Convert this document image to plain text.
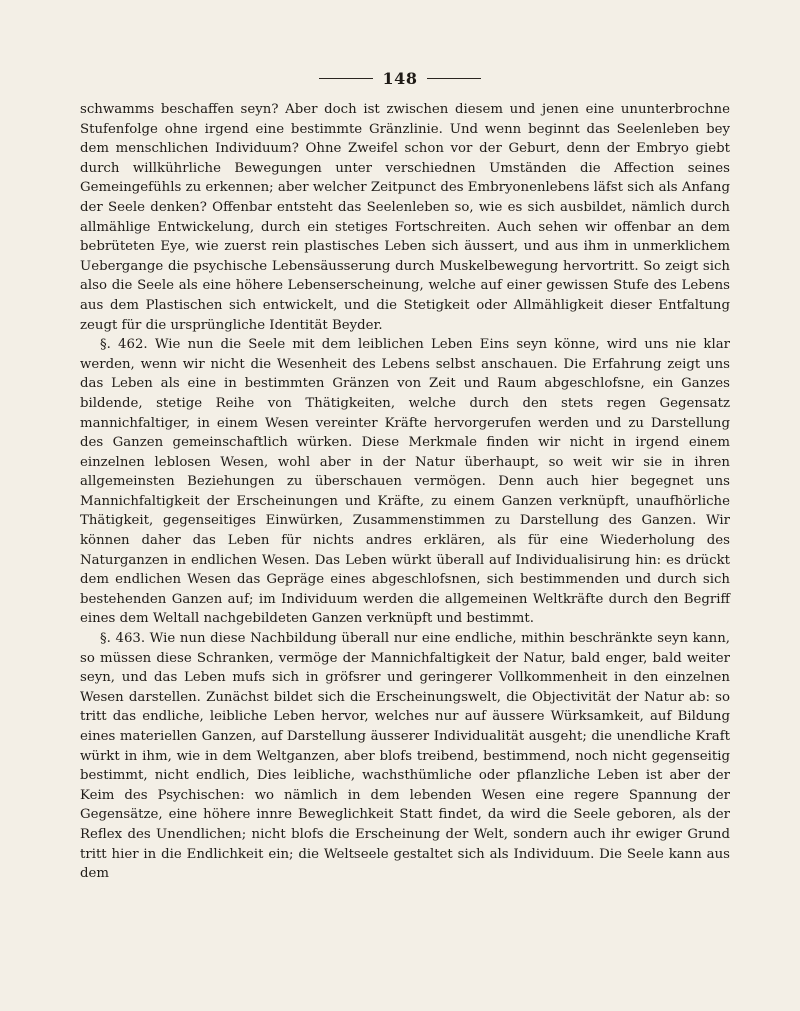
148

schwamms beschaffen seyn? Aber doch ist zwischen diesem und jenen eine ununterbrochne Stufenfolge ohne irgend eine bestimmte Gränzlinie. Und wenn beginnt das Seelenleben bey dem menschlichen Individuum? Ohne Zweifel schon vor der Geburt, denn der Embryo giebt durch willkührliche Bewegungen unter verschiednen Umständen die Affection seines Gemeingefühls zu erkennen; aber welcher Zeitpunct des Embryonenlebens läfst sich als Anfang der Seele denken? Offenbar entsteht das Seelenleben so, wie es sich ausbildet, nämlich durch allmählige Entwickelung, durch ein stetiges Fortschreiten. Auch sehen wir offenbar an dem bebrüteten Eye, wie zuerst rein plastisches Leben sich äussert, und aus ihm in unmerklichem Uebergange die psychische Lebensäusserung durch Muskelbewegung hervortritt. So zeigt sich also die Seele als eine höhere Lebenserscheinung, welche auf einer gewissen Stufe des Lebens aus dem Plastischen sich entwickelt, und die Stetigkeit oder Allmähligkeit dieser Entfaltung zeugt für die ursprüngliche Identität Beyder.

§. 462. Wie nun die Seele mit dem leiblichen Leben Eins seyn könne, wird uns nie klar werden, wenn wir nicht die Wesenheit des Lebens selbst anschauen. Die Erfahrung zeigt uns das Leben als eine in bestimmten Gränzen von Zeit und Raum abgeschlofsne, ein Ganzes bildende, stetige Reihe von Thätigkeiten, welche durch den stets regen Gegensatz mannichfaltiger, in einem Wesen vereinter Kräfte hervorgerufen werden und zu Darstellung des Ganzen gemeinschaftlich würken. Diese Merkmale finden wir nicht in irgend einem einzelnen leblosen Wesen, wohl aber in der Natur überhaupt, so weit wir sie in ihren allgemeinsten Beziehungen zu überschauen vermögen. Denn auch hier begegnet uns Mannichfaltigkeit der Erscheinungen und Kräfte, zu einem Ganzen verknüpft, unaufhörliche Thätigkeit, gegenseitiges Einwürken, Zusammenstimmen zu Darstellung des Ganzen. Wir können daher das Leben für nichts andres erklären, als für eine Wiederholung des Naturganzen in endlichen Wesen. Das Leben würkt überall auf Individualisirung hin: es drückt dem endlichen Wesen das Gepräge eines abgeschlofsnen, sich bestimmenden und durch sich bestehenden Ganzen auf; im Individuum werden die allgemeinen Weltkräfte durch den Begriff eines dem Weltall nachgebildeten Ganzen verknüpft und bestimmt.

§. 463. Wie nun diese Nachbildung überall nur eine endliche, mithin beschränkte seyn kann, so müssen diese Schranken, vermöge der Mannichfaltigkeit der Natur, bald enger, bald weiter seyn, und das Leben mufs sich in gröfsrer und geringerer Vollkommenheit in den einzelnen Wesen darstellen. Zunächst bildet sich die Erscheinungswelt, die Objectivität der Natur ab: so tritt das endliche, leibliche Leben hervor, welches nur auf äussere Würksamkeit, auf Bildung eines materiellen Ganzen, auf Darstellung äusserer Individualität ausgeht; die unendliche Kraft würkt in ihm, wie in dem Weltganzen, aber blofs treibend, bestimmend, noch nicht gegenseitig bestimmt, nicht endlich, Dies leibliche, wachsthümliche oder pflanzliche Leben ist aber der Keim des Psychischen: wo nämlich in dem lebenden Wesen eine regere Spannung der Gegensätze, eine höhere innre Beweglichkeit Statt findet, da wird die Seele geboren, als der Reflex des Unendlichen; nicht blofs die Erscheinung der Welt, sondern auch ihr ewiger Grund tritt hier in die Endlichkeit ein; die Weltseele gestaltet sich als Individuum. Die Seele kann aus dem
